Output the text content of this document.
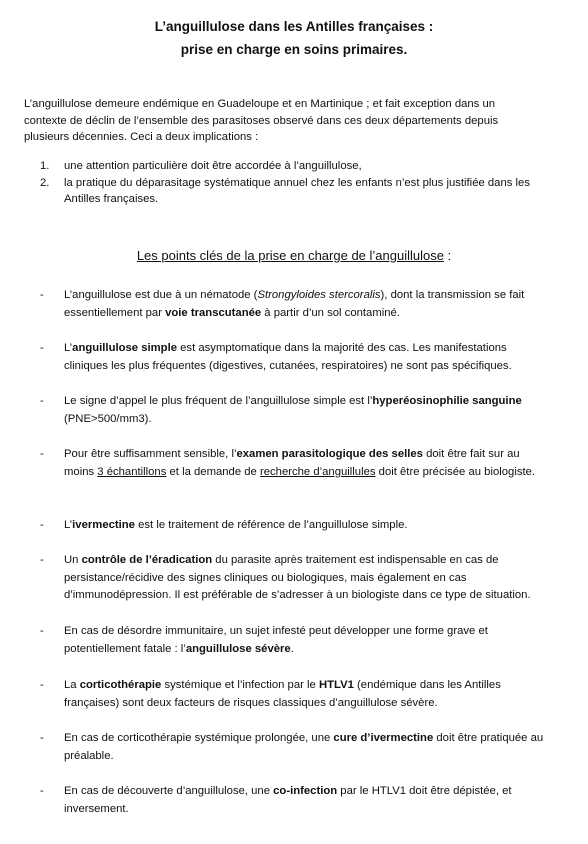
L’anguillulose dans les Antilles françaises :
prise en charge en soins primaires.
L’anguillulose demeure endémique en Guadeloupe et en Martinique ; et fait exception dans un contexte de déclin de l’ensemble des parasitoses observé dans ces deux départements depuis plusieurs décennies. Ceci a deux implications :
1. une attention particulière doit être accordée à l’anguillulose,
2. la pratique du déparasitage systématique annuel chez les enfants n’est plus justifiée dans les Antilles françaises.
Les points clés de la prise en charge de l’anguillulose :
- L’anguillulose est due à un nématode (Strongyloides stercoralis), dont la transmission se fait essentiellement par voie transcutanée à partir d’un sol contaminé.
- L’anguillulose simple est asymptomatique dans la majorité des cas. Les manifestations cliniques les plus fréquentes (digestives, cutanées, respiratoires) ne sont pas spécifiques.
- Le signe d’appel le plus fréquent de l’anguillulose simple est l’hyperéosinophilie sanguine (PNE>500/mm3).
- Pour être suffisamment sensible, l’examen parasitologique des selles doit être fait sur au moins 3 échantillons et la demande de recherche d’anguillules doit être précisée au biologiste.
- L’ivermectine est le traitement de référence de l’anguillulose simple.
- Un contrôle de l’éradication du parasite après traitement est indispensable en cas de persistance/récidive des signes cliniques ou biologiques, mais également en cas d’immunodépression. Il est préférable de s’adresser à un biologiste dans ce type de situation.
- En cas de désordre immunitaire, un sujet infesté peut développer une forme grave et potentiellement fatale : l’anguillulose sévère.
- La corticothérapie systémique et l’infection par le HTLV1 (endémique dans les Antilles françaises) sont deux facteurs de risques classiques d’anguillulose sévère.
- En cas de corticothérapie systémique prolongée, une cure d’ivermectine doit être pratiquée au préalable.
- En cas de découverte d’anguillulose, une co-infection par le HTLV1 doit être dépistée, et inversement.
